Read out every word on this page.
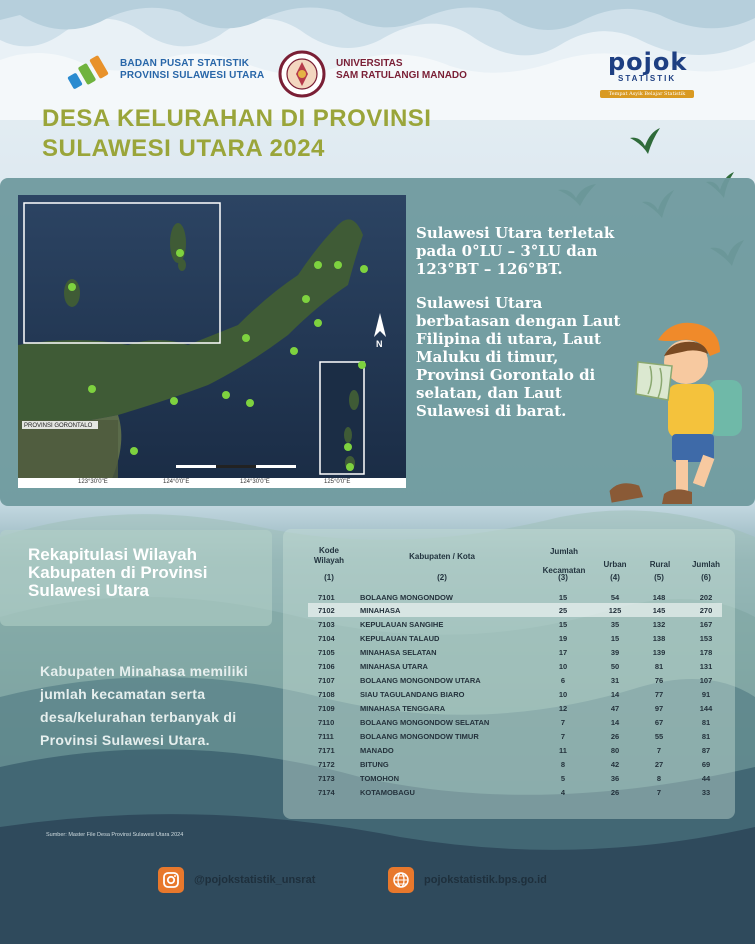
BADAN PUSAT STATISTIK
PROVINSI SULAWESI UTARA
UNIVERSITAS
SAM RATULANGI MANADO	pojok
STATISTIK
Tempat Asyik Belajar Statistik
DESA KELURAHAN DI PROVINSI
SULAWESI UTARA 2024
PROVINSI GORONTALO
N
123°30'0"E	124°0'0"E	124°30'0"E	125°0'0"E

Sulawesi Utara terletak pada 0°LU – 3°LU dan 123°BT – 126°BT.

Sulawesi Utara berbatasan dengan Laut Filipina di utara, Laut Maluku di timur, Provinsi Gorontalo di selatan, dan Laut Sulawesi di barat.

Rekapitulasi Wilayah Kabupaten di Provinsi Sulawesi Utara
Kabupaten Minahasa memiliki jumlah kecamatan serta desa/kelurahan terbanyak di Provinsi Sulawesi Utara.
Kode Wilayah	Kabupaten / Kota
Jumlah Kecamatan
Urban	Rural	Jumlah
(1)	(2)	(3)	(4)	(5)	(6)
7101	BOLAANG MONGONDOW	15	54	148	202
7102	MINAHASA	25	125	145	270
7103	KEPULAUAN SANGIHE	15	35	132	167
7104	KEPULAUAN TALAUD	19	15	138	153
7105	MINAHASA SELATAN	17	39	139	178
7106	MINAHASA UTARA	10	50	81	131
7107	BOLAANG MONGONDOW UTARA	6	31	76	107
7108	SIAU TAGULANDANG BIARO	10	14	77	91
7109	MINAHASA TENGGARA	12	47	97	144
7110	BOLAANG MONGONDOW SELATAN	7	14	67	81
7111	BOLAANG MONGONDOW TIMUR	7	26	55	81
7171	MANADO	11	80	7	87
7172	BITUNG	8	42	27	69
7173	TOMOHON	5	36	8	44
7174	KOTAMOBAGU	4	26	7	33
Sumber: Master File Desa Provinsi Sulawesi Utara 2024
@pojokstatistik_unsrat	pojokstatistik.bps.go.id
